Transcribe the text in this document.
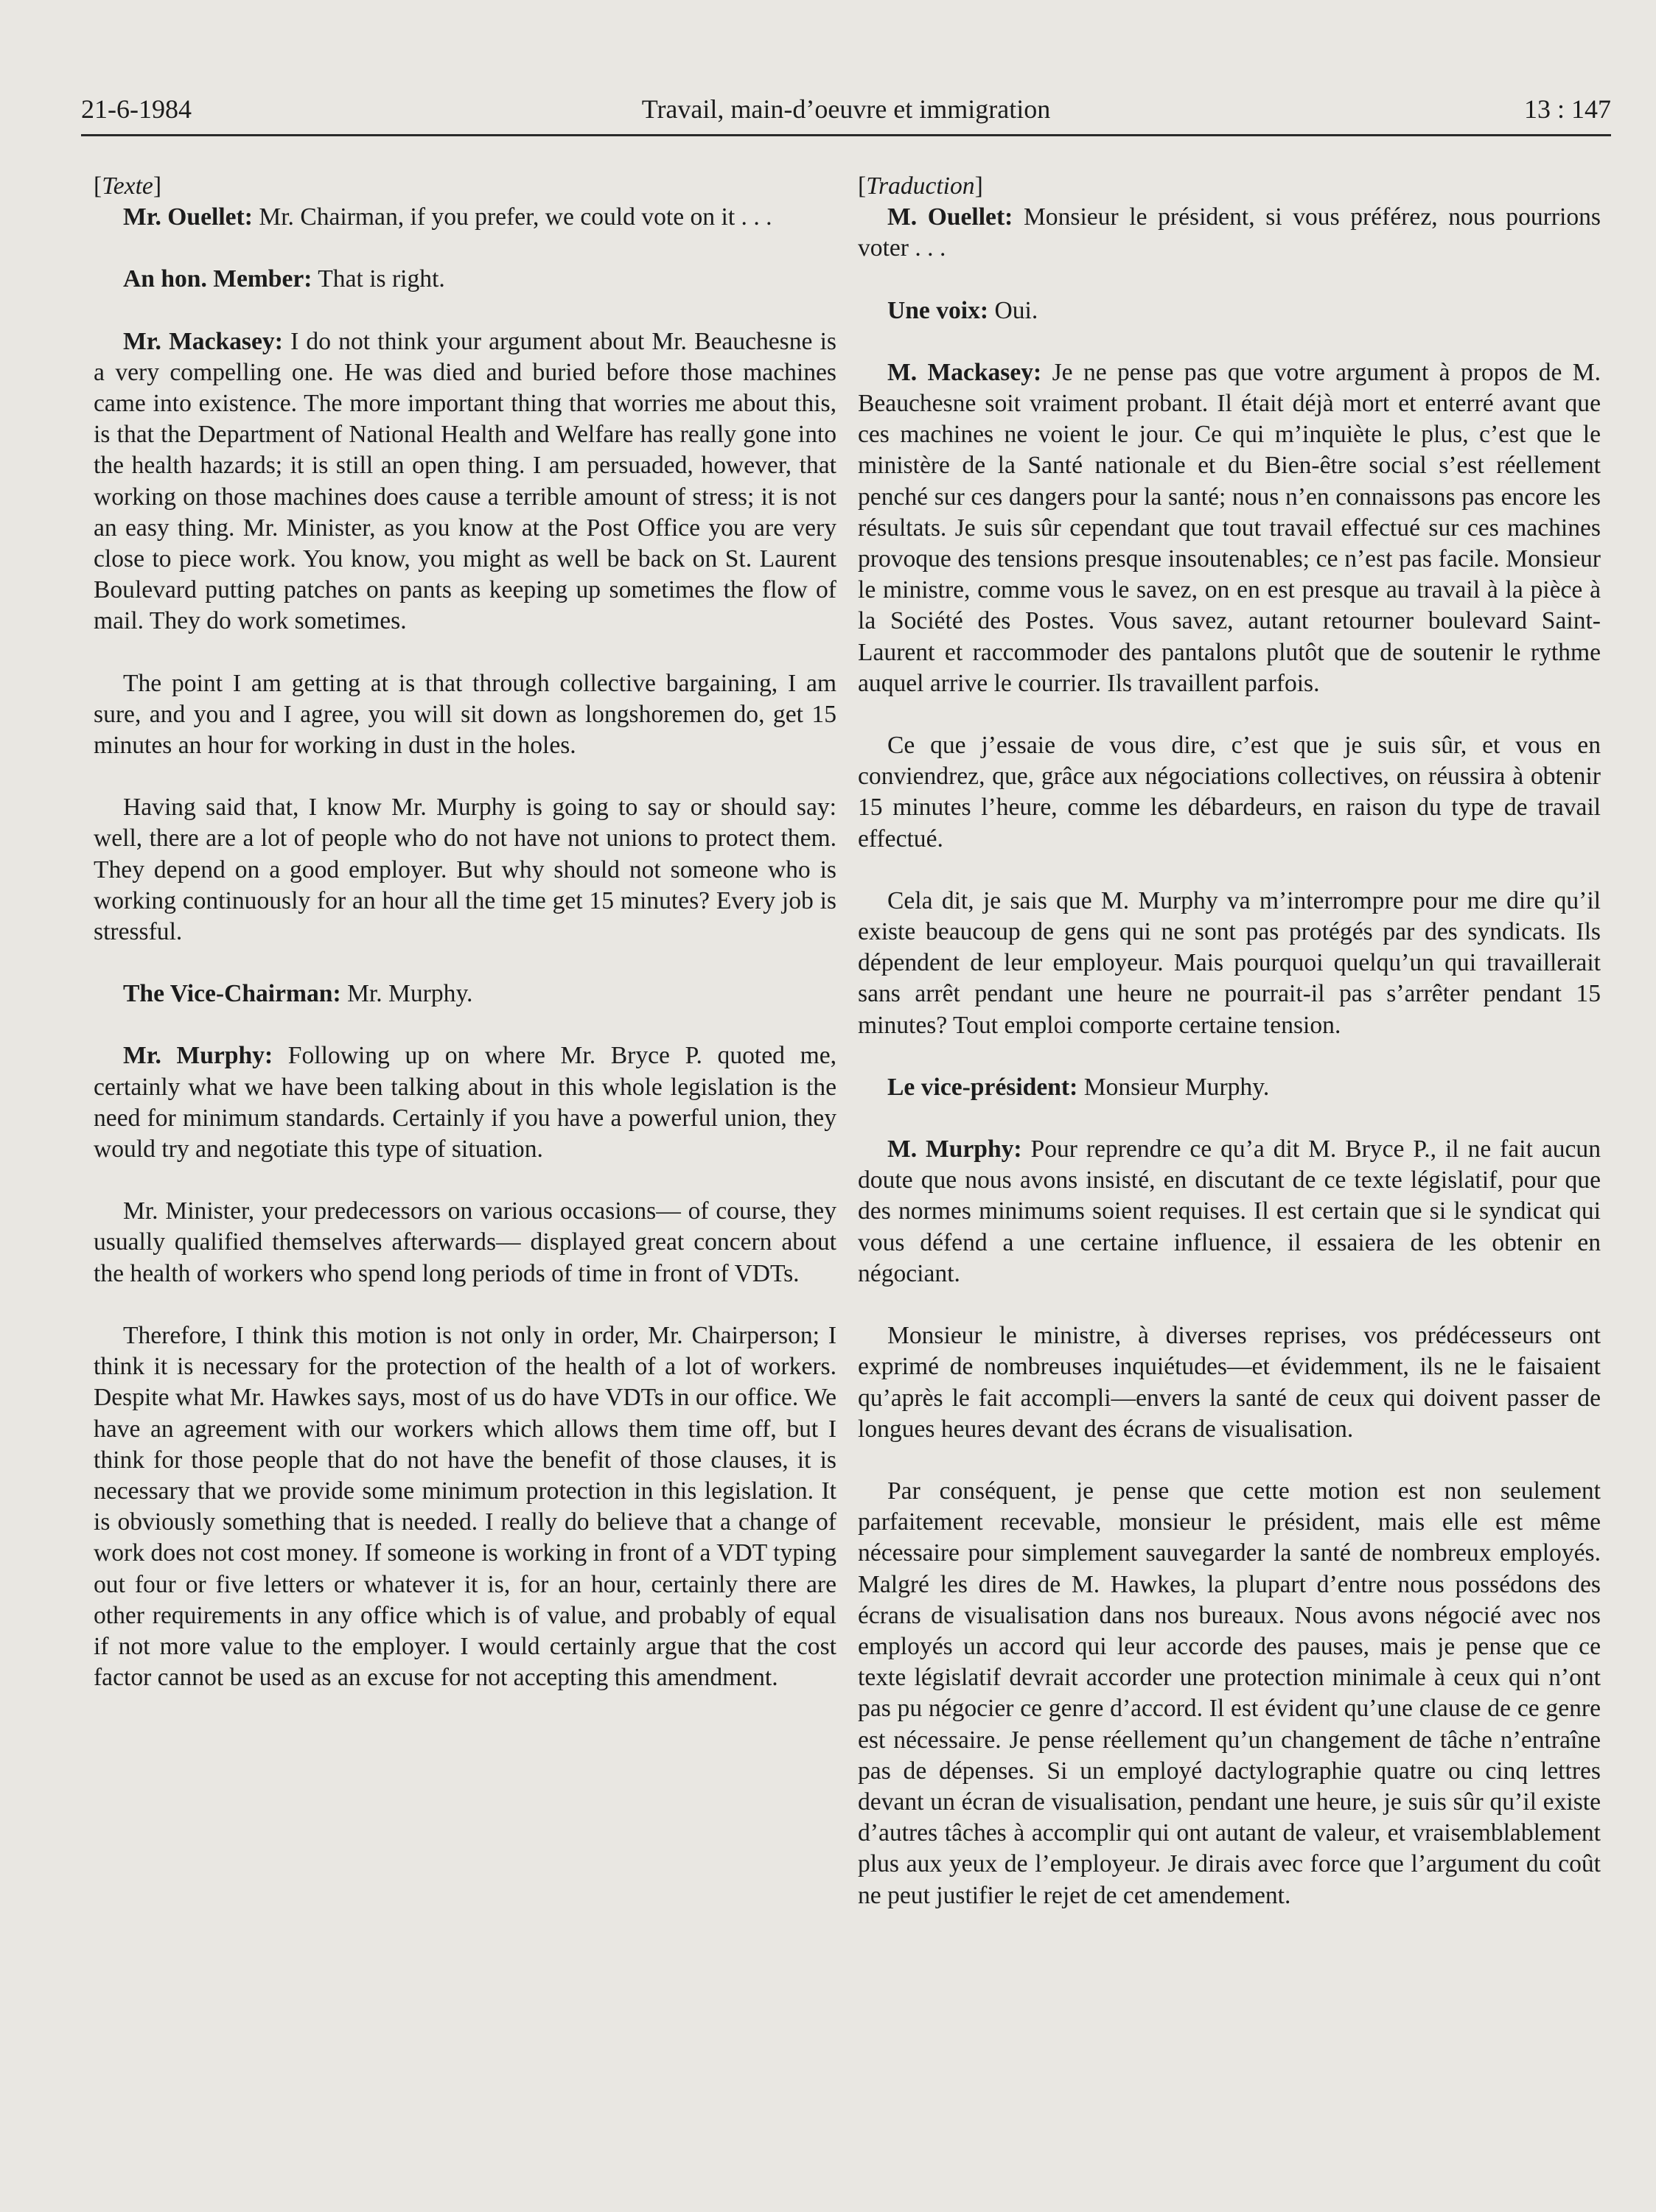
21-6-1984	Travail, main-d’oeuvre et immigration	13 : 147

[Texte]

Mr. Ouellet: Mr. Chairman, if you prefer, we could vote on it . . .

An hon. Member: That is right.

Mr. Mackasey: I do not think your argument about Mr. Beauchesne is a very compelling one. He was died and buried before those machines came into existence. The more important thing that worries me about this, is that the Department of National Health and Welfare has really gone into the health hazards; it is still an open thing. I am persuaded, however, that working on those machines does cause a terrible amount of stress; it is not an easy thing. Mr. Minister, as you know at the Post Office you are very close to piece work. You know, you might as well be back on St. Laurent Boulevard putting patches on pants as keeping up sometimes the flow of mail. They do work sometimes.

The point I am getting at is that through collective bargaining, I am sure, and you and I agree, you will sit down as longshoremen do, get 15 minutes an hour for working in dust in the holes.

Having said that, I know Mr. Murphy is going to say or should say: well, there are a lot of people who do not have not unions to protect them. They depend on a good employer. But why should not someone who is working continuously for an hour all the time get 15 minutes? Every job is stressful.

The Vice-Chairman: Mr. Murphy.

Mr. Murphy: Following up on where Mr. Bryce P. quoted me, certainly what we have been talking about in this whole legislation is the need for minimum standards. Certainly if you have a powerful union, they would try and negotiate this type of situation.

Mr. Minister, your predecessors on various occasions— of course, they usually qualified themselves afterwards— displayed great concern about the health of workers who spend long periods of time in front of VDTs.

Therefore, I think this motion is not only in order, Mr. Chairperson; I think it is necessary for the protection of the health of a lot of workers. Despite what Mr. Hawkes says, most of us do have VDTs in our office. We have an agreement with our workers which allows them time off, but I think for those people that do not have the benefit of those clauses, it is necessary that we provide some minimum protection in this legislation. It is obviously something that is needed. I really do believe that a change of work does not cost money. If someone is working in front of a VDT typing out four or five letters or whatever it is, for an hour, certainly there are other requirements in any office which is of value, and probably of equal if not more value to the employer. I would certainly argue that the cost factor cannot be used as an excuse for not accepting this amendment.

[Traduction]

M. Ouellet: Monsieur le président, si vous préférez, nous pourrions voter . . .

Une voix: Oui.

M. Mackasey: Je ne pense pas que votre argument à propos de M. Beauchesne soit vraiment probant. Il était déjà mort et enterré avant que ces machines ne voient le jour. Ce qui m’inquiète le plus, c’est que le ministère de la Santé nationale et du Bien-être social s’est réellement penché sur ces dangers pour la santé; nous n’en connaissons pas encore les résultats. Je suis sûr cependant que tout travail effectué sur ces machines provoque des tensions presque insoutenables; ce n’est pas facile. Monsieur le ministre, comme vous le savez, on en est presque au travail à la pièce à la Société des Postes. Vous savez, autant retourner boulevard Saint-Laurent et raccommoder des pantalons plutôt que de soutenir le rythme auquel arrive le courrier. Ils travaillent parfois.

Ce que j’essaie de vous dire, c’est que je suis sûr, et vous en conviendrez, que, grâce aux négociations collectives, on réussira à obtenir 15 minutes l’heure, comme les débardeurs, en raison du type de travail effectué.

Cela dit, je sais que M. Murphy va m’interrompre pour me dire qu’il existe beaucoup de gens qui ne sont pas protégés par des syndicats. Ils dépendent de leur employeur. Mais pourquoi quelqu’un qui travaillerait sans arrêt pendant une heure ne pourrait-il pas s’arrêter pendant 15 minutes? Tout emploi comporte certaine tension.

Le vice-président: Monsieur Murphy.

M. Murphy: Pour reprendre ce qu’a dit M. Bryce P., il ne fait aucun doute que nous avons insisté, en discutant de ce texte législatif, pour que des normes minimums soient requises. Il est certain que si le syndicat qui vous défend a une certaine influence, il essaiera de les obtenir en négociant.

Monsieur le ministre, à diverses reprises, vos prédécesseurs ont exprimé de nombreuses inquiétudes—et évidemment, ils ne le faisaient qu’après le fait accompli—envers la santé de ceux qui doivent passer de longues heures devant des écrans de visualisation.

Par conséquent, je pense que cette motion est non seulement parfaitement recevable, monsieur le président, mais elle est même nécessaire pour simplement sauvegarder la santé de nombreux employés. Malgré les dires de M. Hawkes, la plupart d’entre nous possédons des écrans de visualisation dans nos bureaux. Nous avons négocié avec nos employés un accord qui leur accorde des pauses, mais je pense que ce texte législatif devrait accorder une protection minimale à ceux qui n’ont pas pu négocier ce genre d’accord. Il est évident qu’une clause de ce genre est nécessaire. Je pense réellement qu’un changement de tâche n’entraîne pas de dépenses. Si un employé dactylographie quatre ou cinq lettres devant un écran de visualisation, pendant une heure, je suis sûr qu’il existe d’autres tâches à accomplir qui ont autant de valeur, et vraisemblablement plus aux yeux de l’employeur. Je dirais avec force que l’argument du coût ne peut justifier le rejet de cet amendement.
